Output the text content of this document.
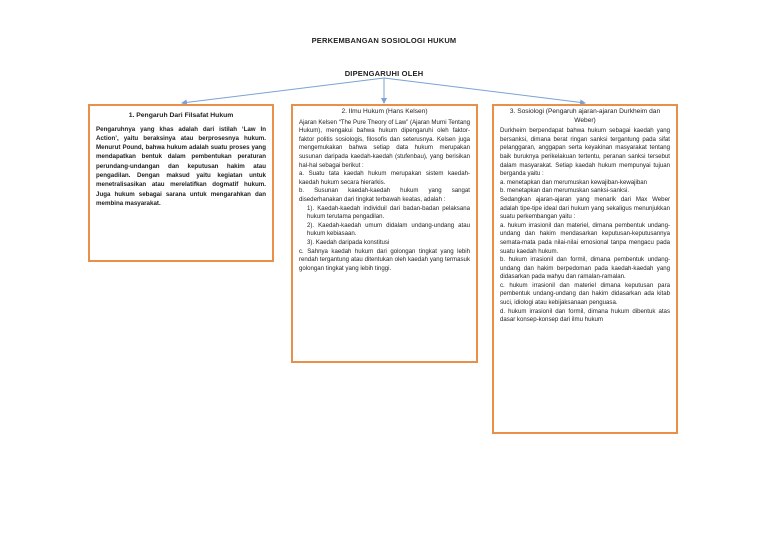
PERKEMBANGAN SOSIOLOGI HUKUM
DIPENGARUHI OLEH
1. Pengaruh Dari Filsafat Hukum

Pengaruhnya yang khas adalah dari istilah ‘Law In Action’, yaitu beraksinya atau berprosesnya hukum. Menurut Pound, bahwa hukum adalah suatu proses yang mendapatkan bentuk dalam pembentukan peraturan perundang-undangan dan keputusan hakim atau pengadilan. Dengan maksud yaitu kegiatan untuk menetralisasikan atau merelatifkan dogmatif hukum. Juga hukum sebagai sarana untuk mengarahkan dan membina masyarakat.

2. Ilmu Hukum (Hans Kelsen)

Ajaran Kelsen “The Pure Theory of Law” (Ajaran Murni Tentang Hukum), mengakui bahwa hukum dipengaruhi oleh faktor-faktor politis sosiologis, filosofis dan seterusnya. Kelsen juga mengemukakan bahwa setiap data hukum merupakan susunan daripada kaedah-kaedah (stufenbau), yang berisikan hal-hal sebagai berikut :

a. Suatu tata kaedah hukum merupakan sistem kaedah-kaedah hukum secara hierarkis.

b. Susunan kaedah-kaedah hukum yang sangat disederhanakan dari tingkat terbawah keatas, adalah :

1). Kaedah-kaedah individuil dari badan-badan pelaksana hukum terutama pengadilan.

2). Kaedah-kaedah umum didalam undang-undang atau hukum kebiasaan.

3). Kaedah daripada konstitusi

c. Sahnya kaedah hukum dari golongan tingkat yang lebih rendah tergantung atau ditentukan oleh kaedah yang termasuk golongan tingkat yang lebih tinggi.

3. Sosiologi (Pengaruh ajaran-ajaran Durkheim dan Weber)

Durkheim berpendapat bahwa hukum sebagai kaedah yang bersanksi, dimana berat ringan sanksi tergantung pada sifat pelanggaran, anggapan serta keyakinan masyarakat tentang baik buruknya perikelakuan tertentu, peranan sanksi tersebut dalam masyarakat. Setiap kaedah hukum mempunyai tujuan berganda yaitu :

a. menetapkan dan merumuskan kewajiban-kewajiban

b. menetapkan dan merumuskan sanksi-sanksi.

Sedangkan ajaran-ajaran yang menarik dari Max Weber adalah tipe-tipe ideal dari hukum yang sekaligus menunjukkan suatu perkembangan yaitu :

a. hukum irrasionil dan materiel, dimana pembentuk undang-undang dan hakim mendasarkan keputusan-keputusannya semata-mata pada nilai-nilai emosional tanpa mengacu pada suatu kaedah hukum.

b. hukum irrasionil dan formil, dimana pembentuk undang-undang dan hakim berpedoman pada kaedah-kaedah yang didasarkan pada wahyu dan ramalan-ramalan.

c. hukum irrasionil dan materiel dimana keputusan para pembentuk undang-undang dan hakim didasarkan ada kitab suci, idiologi atau kebijaksanaan penguasa.

d. hukum irrasionil dan formil, dimana hukum dibentuk atas dasar konsep-konsep dari ilmu hukum
